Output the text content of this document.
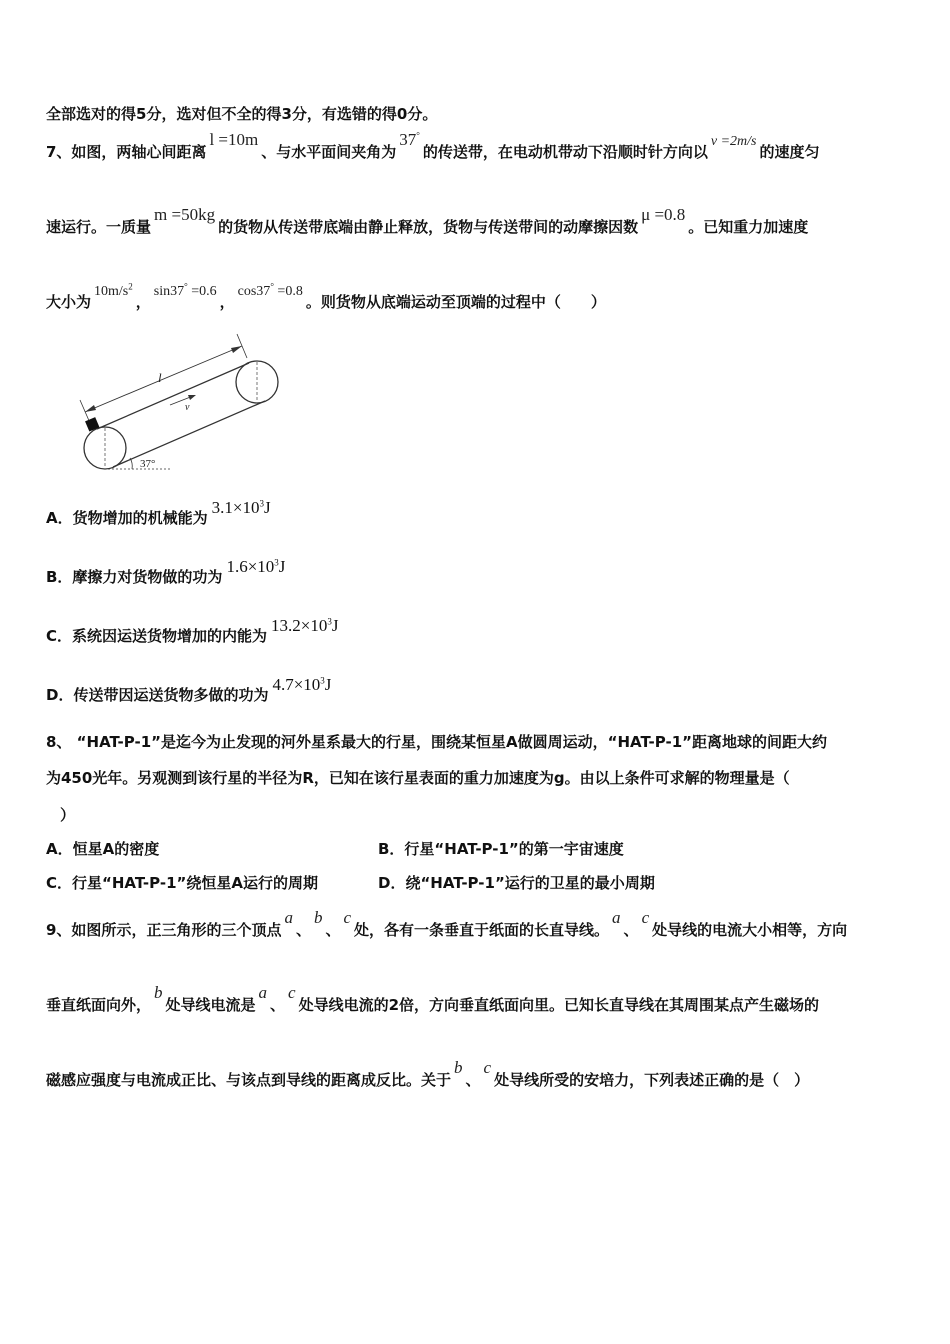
全部选对的得5分，选对但不全的得3分，有选错的得0分。
7、如图，两轴心间距离l =10m、与水平面间夹角为37°的传送带，在电动机带动下沿顺时针方向以v =2m/s的速度匀
速运行。一质量m =50kg的货物从传送带底端由静止释放，货物与传送带间的动摩擦因数μ =0.8。已知重力加速度
大小为$10m/s^2$，sin37° =0.6，cos37° =0.8。则货物从底端运动至顶端的过程中（　　）
l
v
37°
A．货物增加的机械能为$3.1\times 10^3J$
B．摩擦力对货物做的功为$1.6\times 10^3J$
C．系统因运送货物增加的内能为$13.2\times 10^3J$
D．传送带因运送货物多做的功为$4.7\times 10^3J$
8、 “HAT-P-1”是迄今为止发现的河外星系最大的行星，围绕某恒星A做圆周运动，“HAT-P-1”距离地球的间距大约
为450光年。另观测到该行星的半径为R，已知在该行星表面的重力加速度为g。由以上条件可求解的物理量是（
）
A．恒星A的密度	B．行星“HAT-P-1”的第一宇宙速度
C．行星“HAT-P-1”绕恒星A运行的周期	D．绕“HAT-P-1”运行的卫星的最小周期
9、如图所示，正三角形的三个顶点a、b、c处，各有一条垂直于纸面的长直导线。a、c处导线的电流大小相等，方向
垂直纸面向外，b处导线电流是a、c处导线电流的2倍，方向垂直纸面向里。已知长直导线在其周围某点产生磁场的
磁感应强度与电流成正比、与该点到导线的距离成反比。关于b、c处导线所受的安培力，下列表述正确的是（　）
